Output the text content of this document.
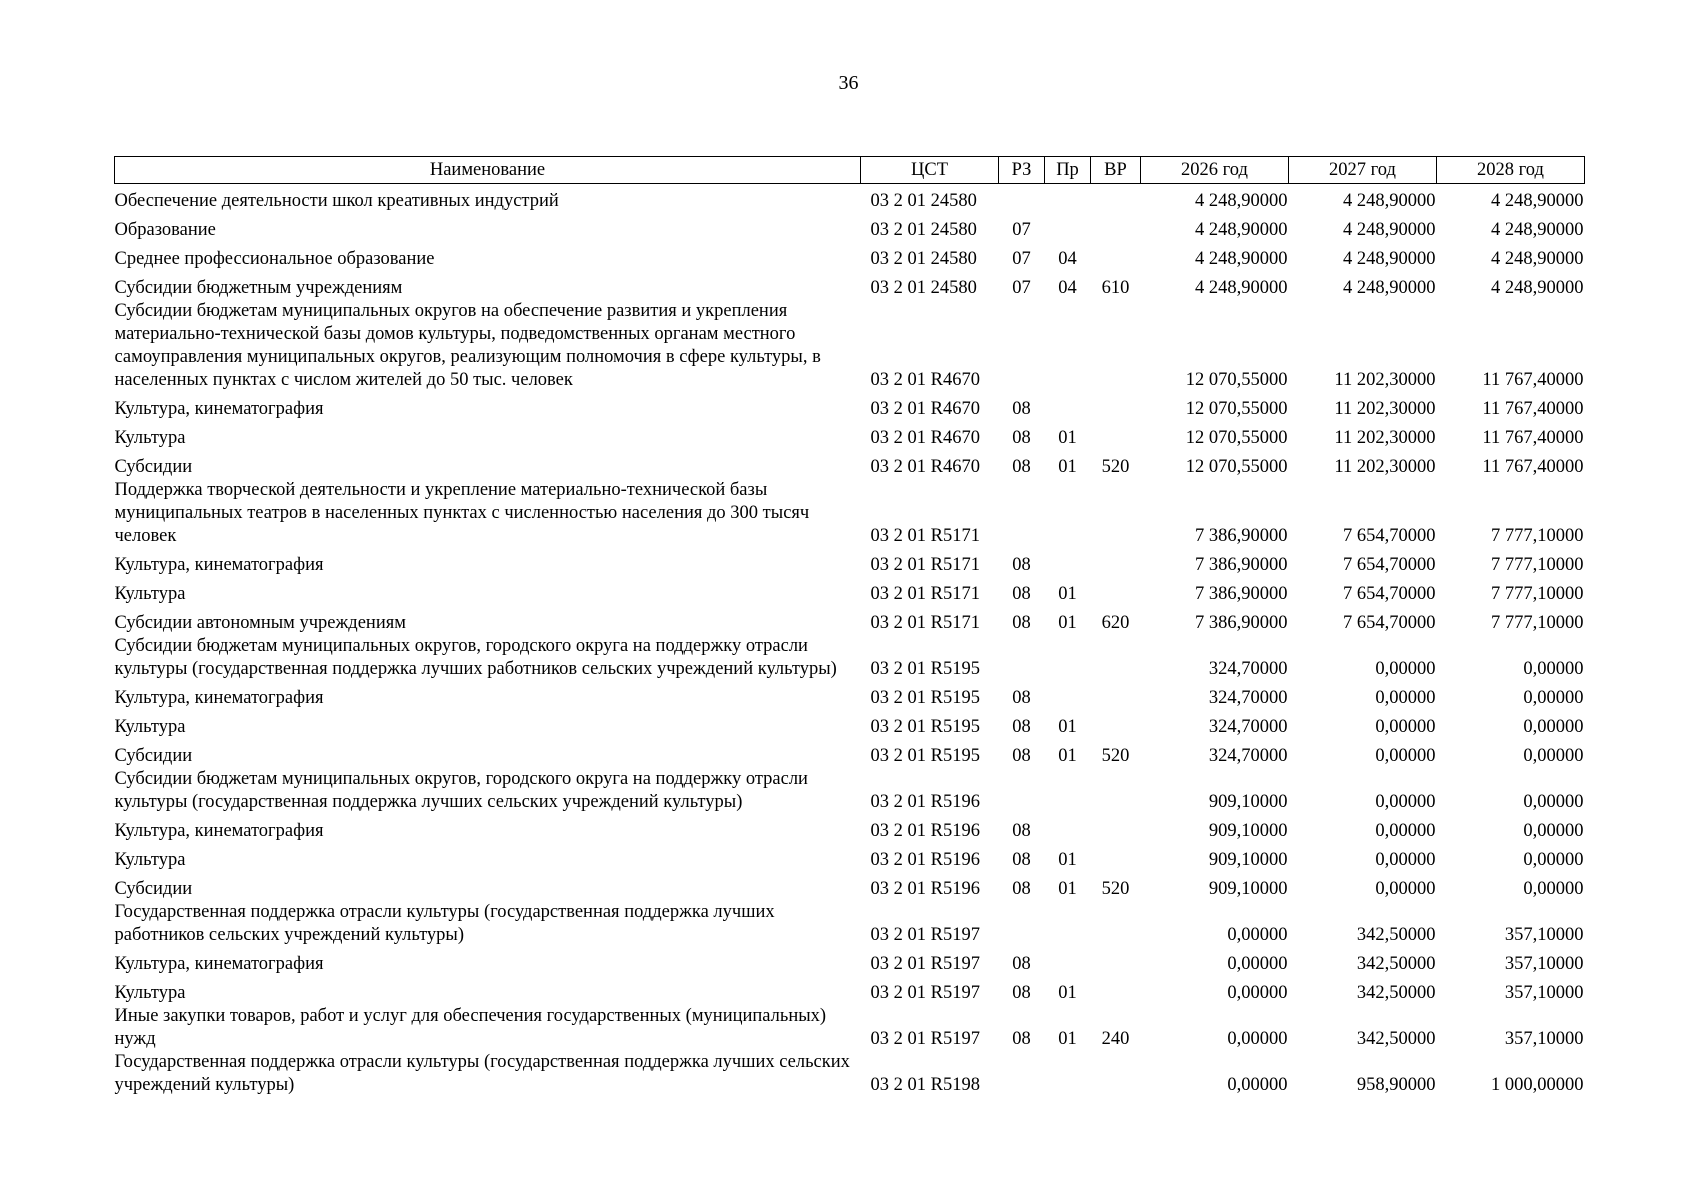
36
Наименование	ЦСТ	РЗ	Пр	ВР	2026 год	2027 год	2028 год
Обеспечение деятельности школ креативных индустрий	03 2 01 24580				4 248,90000	4 248,90000	4 248,90000
Образование	03 2 01 24580	07			4 248,90000	4 248,90000	4 248,90000
Среднее профессиональное образование	03 2 01 24580	07	04		4 248,90000	4 248,90000	4 248,90000
Субсидии бюджетным учреждениям	03 2 01 24580	07	04	610	4 248,90000	4 248,90000	4 248,90000
Субсидии бюджетам муниципальных округов на обеспечение развития и укрепления материально-технической базы домов культуры, подведомственных органам местного самоуправления муниципальных округов, реализующим полномочия в сфере культуры, в населенных пунктах с числом жителей до 50 тыс. человек	03 2 01 R4670				12 070,55000	11 202,30000	11 767,40000
Культура, кинематография	03 2 01 R4670	08			12 070,55000	11 202,30000	11 767,40000
Культура	03 2 01 R4670	08	01		12 070,55000	11 202,30000	11 767,40000
Субсидии	03 2 01 R4670	08	01	520	12 070,55000	11 202,30000	11 767,40000
Поддержка творческой деятельности и укрепление материально-технической базы муниципальных театров в населенных пунктах с численностью населения до 300 тысяч человек	03 2 01 R5171				7 386,90000	7 654,70000	7 777,10000
Культура, кинематография	03 2 01 R5171	08			7 386,90000	7 654,70000	7 777,10000
Культура	03 2 01 R5171	08	01		7 386,90000	7 654,70000	7 777,10000
Субсидии автономным учреждениям	03 2 01 R5171	08	01	620	7 386,90000	7 654,70000	7 777,10000
Субсидии бюджетам муниципальных округов, городского округа на поддержку отрасли культуры (государственная поддержка лучших работников сельских учреждений культуры)	03 2 01 R5195				324,70000	0,00000	0,00000
Культура, кинематография	03 2 01 R5195	08			324,70000	0,00000	0,00000
Культура	03 2 01 R5195	08	01		324,70000	0,00000	0,00000
Субсидии	03 2 01 R5195	08	01	520	324,70000	0,00000	0,00000
Субсидии бюджетам муниципальных округов, городского округа на поддержку отрасли культуры (государственная поддержка лучших сельских учреждений культуры)	03 2 01 R5196				909,10000	0,00000	0,00000
Культура, кинематография	03 2 01 R5196	08			909,10000	0,00000	0,00000
Культура	03 2 01 R5196	08	01		909,10000	0,00000	0,00000
Субсидии	03 2 01 R5196	08	01	520	909,10000	0,00000	0,00000
Государственная поддержка отрасли культуры (государственная поддержка лучших работников сельских учреждений культуры)	03 2 01 R5197				0,00000	342,50000	357,10000
Культура, кинематография	03 2 01 R5197	08			0,00000	342,50000	357,10000
Культура	03 2 01 R5197	08	01		0,00000	342,50000	357,10000
Иные закупки товаров, работ и услуг для обеспечения государственных (муниципальных) нужд	03 2 01 R5197	08	01	240	0,00000	342,50000	357,10000
Государственная поддержка отрасли культуры (государственная поддержка лучших сельских учреждений культуры)	03 2 01 R5198				0,00000	958,90000	1 000,00000
